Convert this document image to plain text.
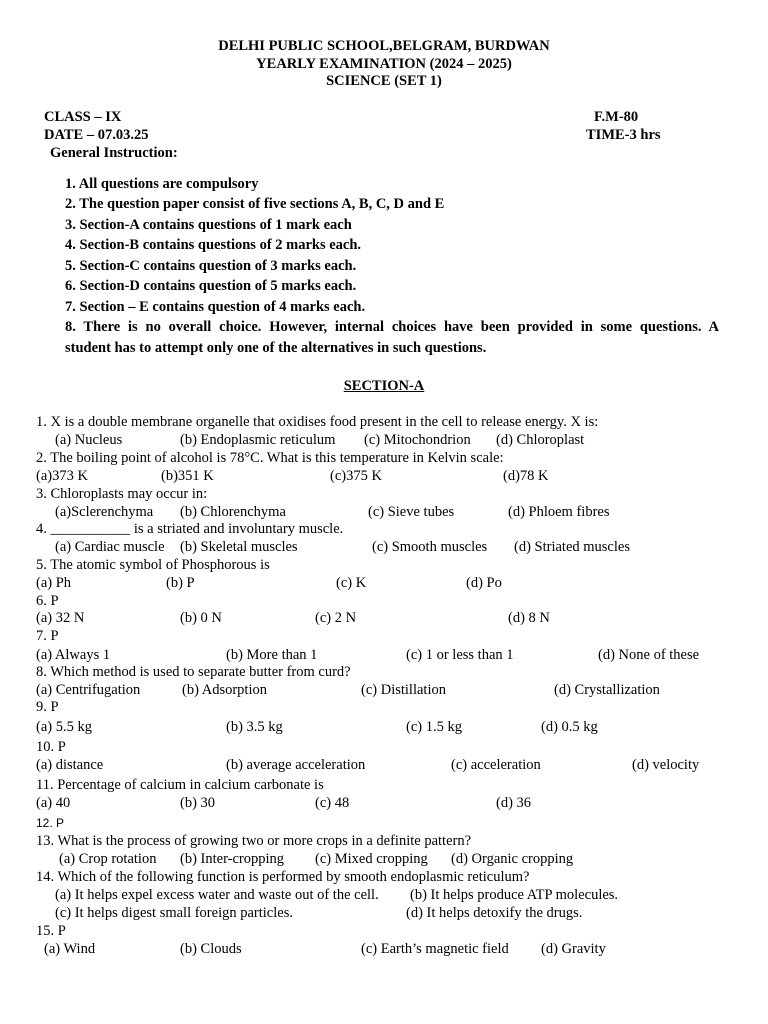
DELHI PUBLIC SCHOOL,BELGRAM, BURDWAN
YEARLY EXAMINATION (2024 – 2025)
SCIENCE (SET 1)
CLASS – IX	F.M-80
DATE – 07.03.25	TIME-3 hrs
General Instruction:
1. All questions are compulsory
2. The question paper consist of five sections A, B, C, D and E
3. Section-A contains questions of 1 mark each
4. Section-B contains questions of 2 marks each.
5. Section-C contains question of 3 marks each.
6. Section-D contains question of 5 marks each.
7. Section – E contains question of 4 marks each.
8. There is no overall choice. However, internal choices have been provided in some questions. A
student has to attempt only one of the alternatives in such questions.
SECTION-A
1. X is a double membrane organelle that oxidises food present in the cell to release energy. X is:
(a) Nucleus	(b) Endoplasmic reticulum (c) Mitochondrion (d) Chloroplast
2. The boiling point of alcohol is 78°C. What is this temperature in Kelvin scale:
(a)373 K	(b)351 K	(c)375 K	(d)78 K
3. Chloroplasts may occur in:
(a)Sclerenchyma (b) Chlorenchyma	(c) Sieve tubes	(d) Phloem fibres
4. ___________ is a striated and involuntary muscle.
(a) Cardiac muscle (b) Skeletal muscles	(c) Smooth muscles (d) Striated muscles
5. The atomic symbol of Phosphorous is
(a) Ph	(b) P	(c) K	(d) Po
6. P
(a) 32 N	(b) 0 N	(c) 2 N	(d) 8 N
7. P
(a) Always 1	(b) More than 1	(c) 1 or less than 1	(d) None of these
8. Which method is used to separate butter from curd?
(a) Centrifugation	(b) Adsorption	(c) Distillation	(d) Crystallization
9. P
(a) 5.5 kg	(b) 3.5 kg	(c) 1.5 kg	(d) 0.5 kg
10. P
(a) distance	(b) average acceleration	(c) acceleration	(d) velocity
11. Percentage of calcium in calcium carbonate is
(a) 40	(b) 30	(c) 48	(d) 36
12. P
13. What is the process of growing two or more crops in a definite pattern?
(a) Crop rotation (b) Inter-cropping (c) Mixed cropping (d) Organic cropping
14. Which of the following function is performed by smooth endoplasmic reticulum?
(a) It helps expel excess water and waste out of the cell. (b) It helps produce ATP molecules.
(c) It helps digest small foreign particles.	(d) It helps detoxify the drugs.
15. P
(a) Wind	(b) Clouds	(c) Earth’s magnetic field (d) Gravity
